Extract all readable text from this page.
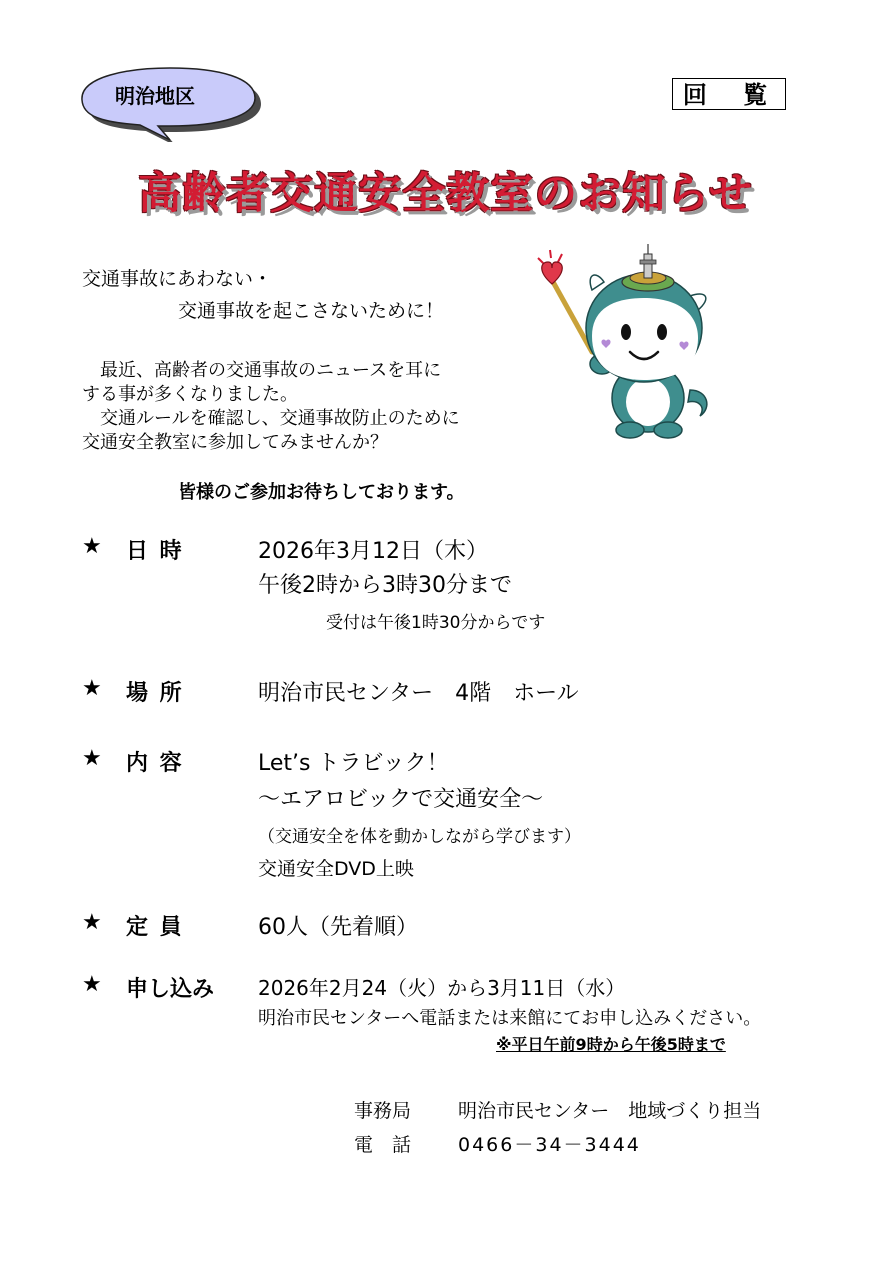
明治地区	回 覧
高齢者交通安全教室のお知らせ
交通事故にあわない・
交通事故を起こさないために！
　最近、高齢者の交通事故のニュースを耳に
する事が多くなりました。
　交通ルールを確認し、交通事故防止のために
交通安全教室に参加してみませんか？
皆様のご参加お待ちしております。
★ 日 時	2026年3月12日（木）
午後2時から3時30分まで
受付は午後1時30分からです
★ 場 所	明治市民センター　4階　ホール
★ 内 容	Let’s トラビック！
～エアロビックで交通安全～
（交通安全を体を動かしながら学びます）
交通安全DVD上映
★ 定 員	60人（先着順）
★ 申し込み 2026年2月24（火）から3月11日（水）
明治市民センターへ電話または来館にてお申し込みください。
※平日午前9時から午後5時まで
事務局 明治市民センター　地域づくり担当
電　話 0466－34－3444
